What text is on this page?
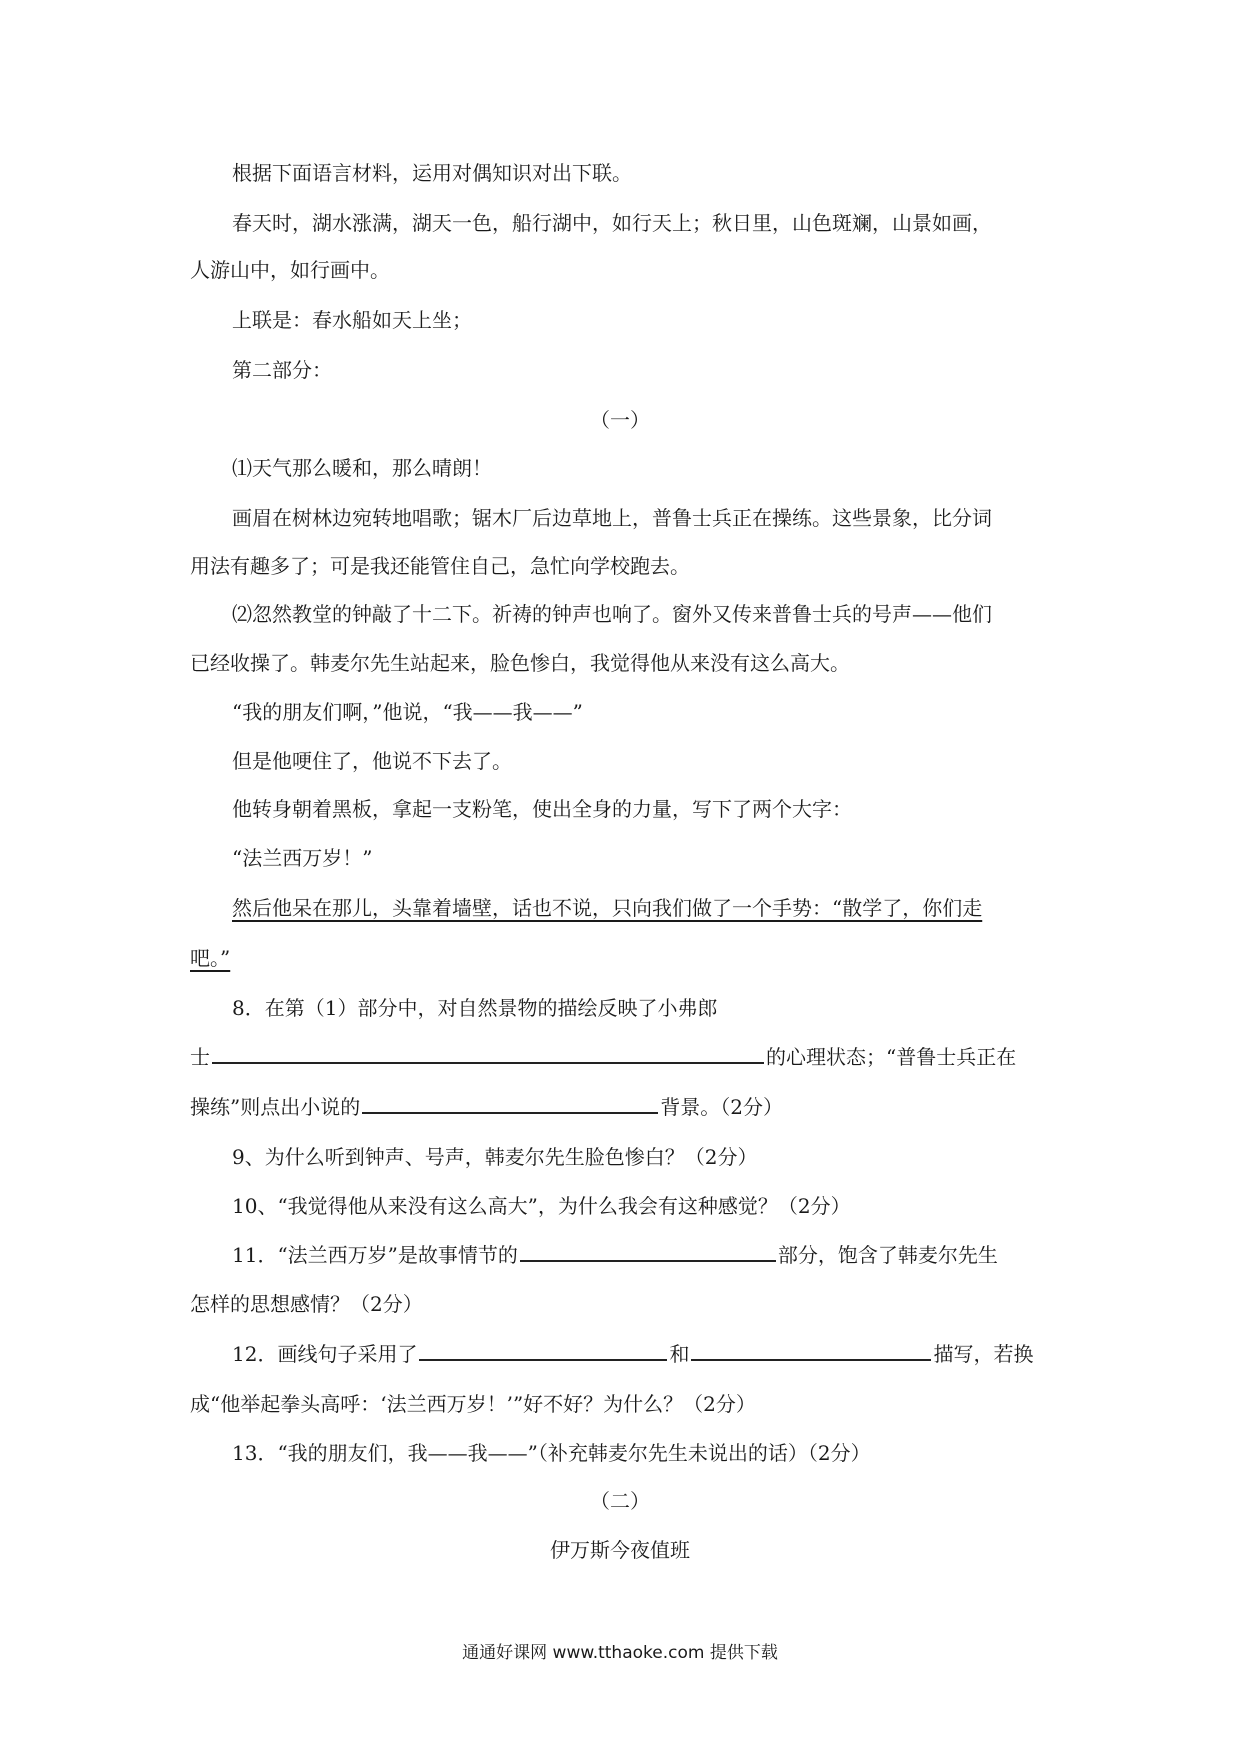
根据下面语言材料，运用对偶知识对出下联。
春天时，湖水涨满，湖天一色，船行湖中，如行天上；秋日里，山色斑斓，山景如画，
人游山中，如行画中。
上联是：春水船如天上坐；
第二部分：
（一）
⑴天气那么暖和，那么晴朗！
画眉在树林边宛转地唱歌；锯木厂后边草地上，普鲁士兵正在操练。这些景象，比分词
用法有趣多了；可是我还能管住自己，急忙向学校跑去。
⑵忽然教堂的钟敲了十二下。祈祷的钟声也响了。窗外又传来普鲁士兵的号声——他们
已经收操了。韩麦尔先生站起来，脸色惨白，我觉得他从来没有这么高大。
“我的朋友们啊，”他说，“我——我——”
但是他哽住了，他说不下去了。
他转身朝着黑板，拿起一支粉笔，使出全身的力量，写下了两个大字：
“法兰西万岁！”
然后他呆在那儿，头靠着墙壁，话也不说，只向我们做了一个手势：“散学了，你们走
吧。”
8．在第（1）部分中，对自然景物的描绘反映了小弗郎
士	的心理状态；“普鲁士兵正在
操练”则点出小说的	背景。（2分）
9、为什么听到钟声、号声，韩麦尔先生脸色惨白？（2分）
10、“我觉得他从来没有这么高大”，为什么我会有这种感觉？（2分）
11．“法兰西万岁”是故事情节的	部分，饱含了韩麦尔先生
怎样的思想感情？（2分）
12．画线句子采用了	和	描写，若换
成“他举起拳头高呼：‘法兰西万岁！’”好不好？为什么？（2分）
13．“我的朋友们，我——我——”（补充韩麦尔先生未说出的话）（2分）
（二）
伊万斯今夜值班
通通好课网 www.tthaoke.com 提供下载
